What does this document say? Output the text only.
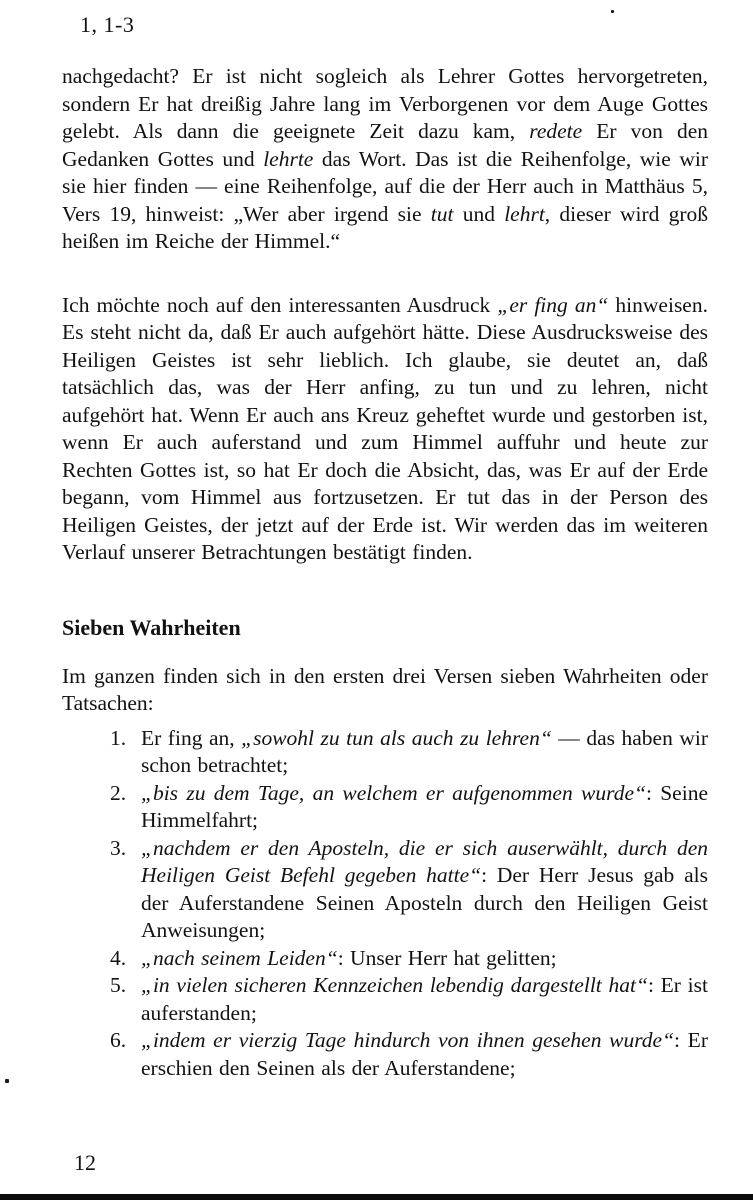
1, 1-3

nachgedacht? Er ist nicht sogleich als Lehrer Gottes hervorgetreten, sondern Er hat dreißig Jahre lang im Verborgenen vor dem Auge Gottes gelebt. Als dann die geeignete Zeit dazu kam, redete Er von den Gedanken Gottes und lehrte das Wort. Das ist die Reihenfolge, wie wir sie hier finden — eine Reihenfolge, auf die der Herr auch in Matthäus 5, Vers 19, hinweist: „Wer aber irgend sie tut und lehrt, dieser wird groß heißen im Reiche der Himmel.“

Ich möchte noch auf den interessanten Ausdruck „er fing an“ hinweisen. Es steht nicht da, daß Er auch aufgehört hätte. Diese Ausdrucksweise des Heiligen Geistes ist sehr lieblich. Ich glaube, sie deutet an, daß tatsächlich das, was der Herr anfing, zu tun und zu lehren, nicht aufgehört hat. Wenn Er auch ans Kreuz geheftet wurde und gestorben ist, wenn Er auch auferstand und zum Himmel auffuhr und heute zur Rechten Gottes ist, so hat Er doch die Absicht, das, was Er auf der Erde begann, vom Himmel aus fortzusetzen. Er tut das in der Person des Heiligen Geistes, der jetzt auf der Erde ist. Wir werden das im weiteren Verlauf unserer Betrachtungen bestätigt finden.

Sieben Wahrheiten

Im ganzen finden sich in den ersten drei Versen sieben Wahrheiten oder Tatsachen:

1. Er fing an, „sowohl zu tun als auch zu lehren“ — das haben wir schon betrachtet;
2. „bis zu dem Tage, an welchem er aufgenommen wurde“: Seine Himmelfahrt;
3. „nachdem er den Aposteln, die er sich auserwählt, durch den Heiligen Geist Befehl gegeben hatte“: Der Herr Jesus gab als der Auferstandene Seinen Aposteln durch den Heiligen Geist Anweisungen;
4. „nach seinem Leiden“: Unser Herr hat gelitten;
5. „in vielen sicheren Kennzeichen lebendig dargestellt hat“: Er ist auferstanden;
6. „indem er vierzig Tage hindurch von ihnen gesehen wurde“: Er erschien den Seinen als der Auferstandene;
12
